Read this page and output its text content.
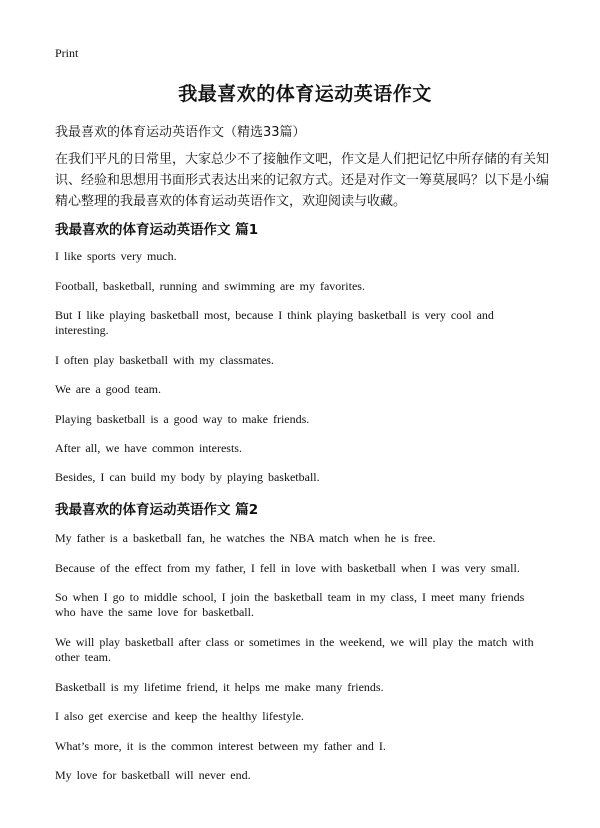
Print
我最喜欢的体育运动英语作文
我最喜欢的体育运动英语作文（精选33篇）
在我们平凡的日常里，大家总少不了接触作文吧，作文是人们把记忆中所存储的有关知识、经验和思想用书面形式表达出来的记叙方式。还是对作文一筹莫展吗？以下是小编精心整理的我最喜欢的体育运动英语作文，欢迎阅读与收藏。
我最喜欢的体育运动英语作文 篇1
I like sports very much.
Football, basketball, running and swimming are my favorites.
But I like playing basketball most, because I think playing basketball is very cool and interesting.
I often play basketball with my classmates.
We are a good team.
Playing basketball is a good way to make friends.
After all, we have common interests.
Besides, I can build my body by playing basketball.
我最喜欢的体育运动英语作文 篇2
My father is a basketball fan, he watches the NBA match when he is free.
Because of the effect from my father, I fell in love with basketball when I was very small.
So when I go to middle school, I join the basketball team in my class, I meet many friends who have the same love for basketball.
We will play basketball after class or sometimes in the weekend, we will play the match with other team.
Basketball is my lifetime friend, it helps me make many friends.
I also get exercise and keep the healthy lifestyle.
What’s more, it is the common interest between my father and I.
My love for basketball will never end.
